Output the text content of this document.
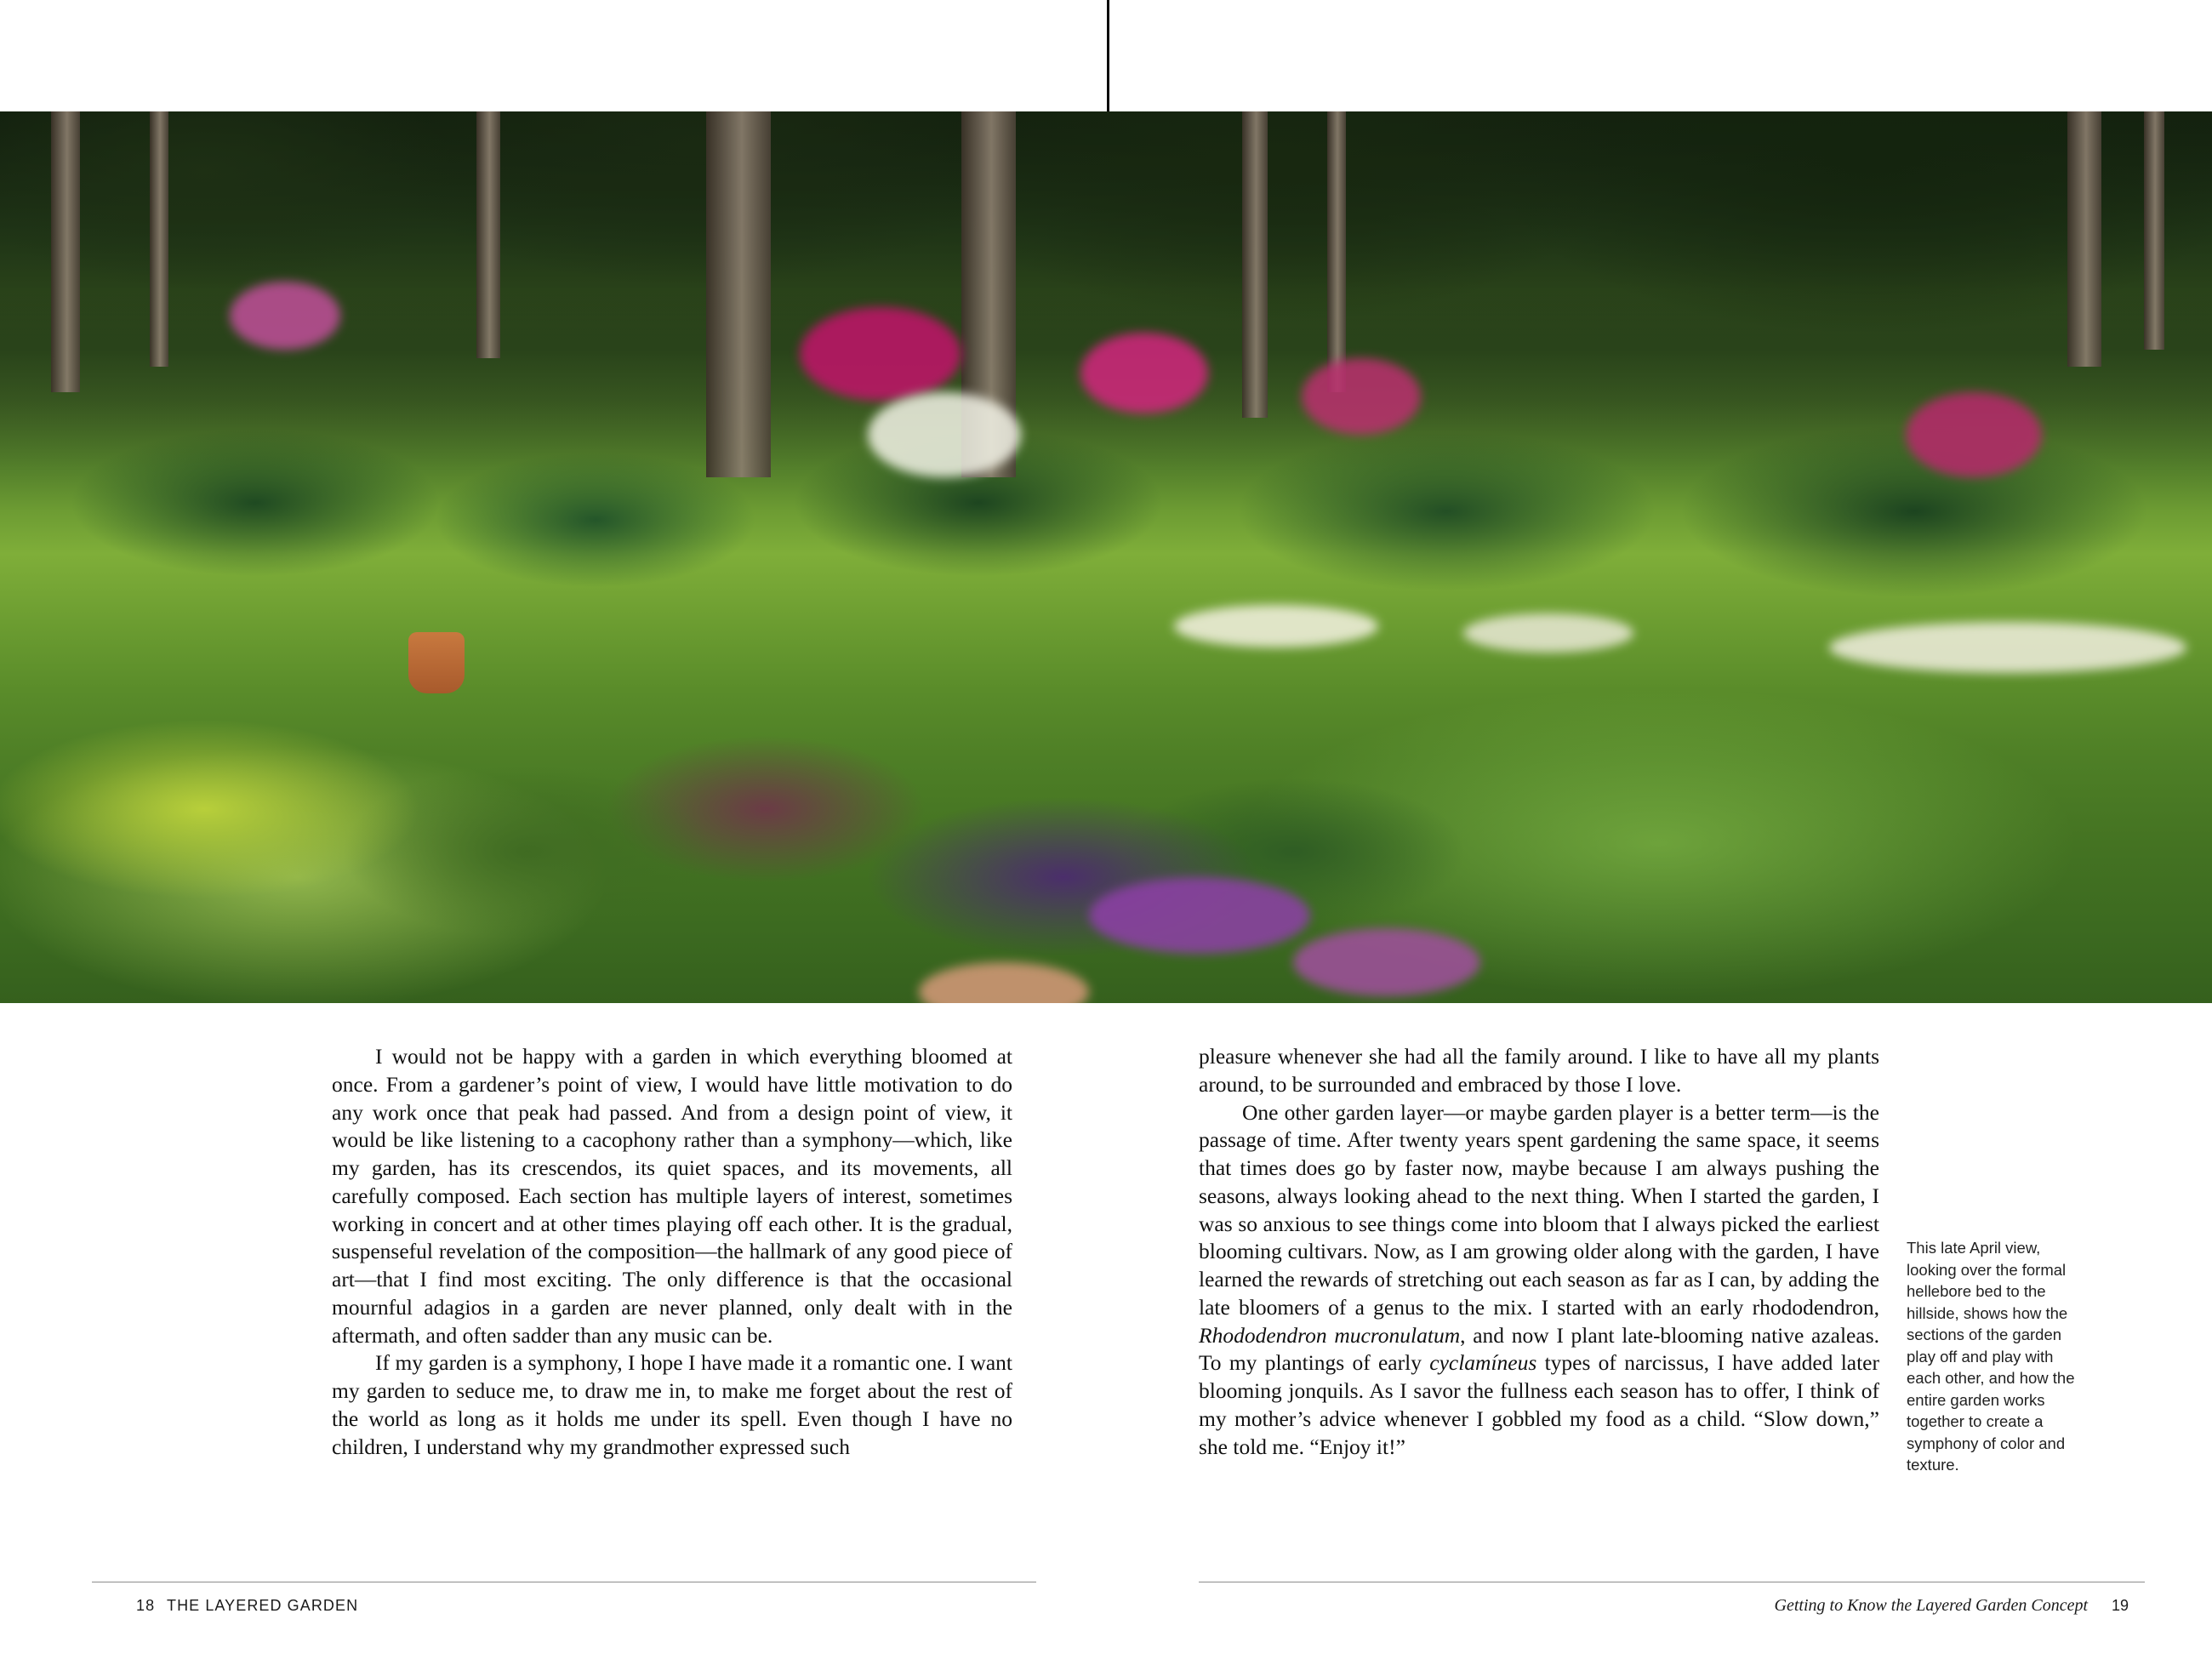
I would not be happy with a garden in which everything bloomed at once. From a gardener’s point of view, I would have little motivation to do any work once that peak had passed. And from a design point of view, it would be like listening to a cacophony rather than a symphony—which, like my garden, has its crescendos, its quiet spaces, and its movements, all carefully composed. Each section has multiple layers of interest, sometimes working in concert and at other times playing off each other. It is the gradual, suspenseful revelation of the composition—the hallmark of any good piece of art—that I find most exciting. The only difference is that the occasional mournful adagios in a garden are never planned, only dealt with in the aftermath, and often sadder than any music can be.

If my garden is a symphony, I hope I have made it a romantic one. I want my garden to seduce me, to draw me in, to make me forget about the rest of the world as long as it holds me under its spell. Even though I have no children, I understand why my grandmother expressed such

18 THE LAYERED GARDEN

pleasure whenever she had all the family around. I like to have all my plants around, to be surrounded and embraced by those I love.

One other garden layer—or maybe garden player is a better term—is the passage of time. After twenty years spent gardening the same space, it seems that times does go by faster now, maybe because I am always pushing the seasons, always looking ahead to the next thing. When I started the garden, I was so anxious to see things come into bloom that I always picked the earliest blooming cultivars. Now, as I am growing older along with the garden, I have learned the rewards of stretching out each season as far as I can, by adding the late bloomers of a genus to the mix. I started with an early rhododendron, Rhododendron mucronulatum, and now I plant late-blooming native azaleas. To my plantings of early cyclamíneus types of narcissus, I have added later blooming jonquils. As I savor the fullness each season has to offer, I think of my mother’s advice whenever I gobbled my food as a child. “Slow down,” she told me. “Enjoy it!”

This late April view, looking over the formal hellebore bed to the hillside, shows how the sections of the garden play off and play with each other, and how the entire garden works together to create a symphony of color and texture.
Getting to Know the Layered Garden Concept 19
